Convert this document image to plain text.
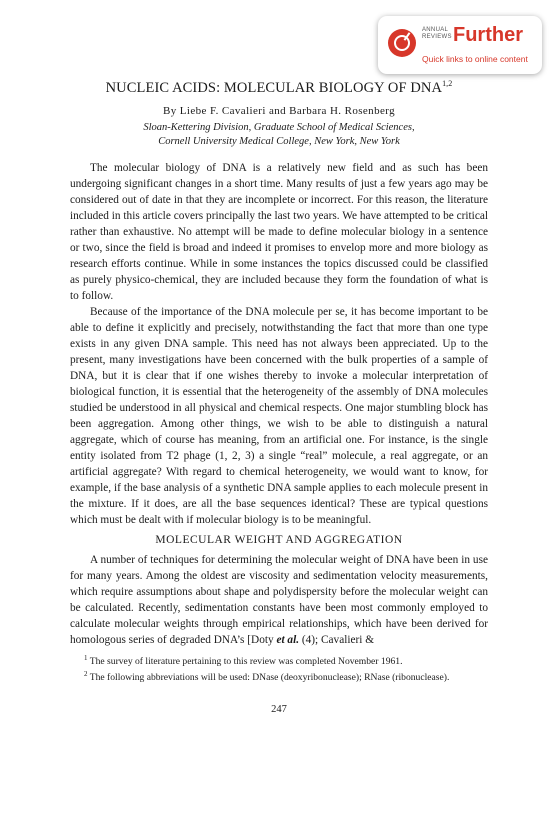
ANNUAL
REVIEWS Further
Quick links to online content
NUCLEIC ACIDS: MOLECULAR BIOLOGY OF DNA$^{1,2}$
By Liebe F. Cavalieri and Barbara H. Rosenberg
Sloan-Kettering Division, Graduate School of Medical Sciences,
Cornell University Medical College, New York, New York

The molecular biology of DNA is a relatively new field and as such has been undergoing significant changes in a short time. Many results of just a few years ago may be considered out of date in that they are incomplete or incorrect. For this reason, the literature included in this article covers principally the last two years. We have attempted to be critical rather than exhaustive. No attempt will be made to define molecular biology in a sentence or two, since the field is broad and indeed it promises to envelop more and more biology as research efforts continue. While in some instances the topics discussed could be classified as purely physico-chemical, they are included because they form the foundation of what is to follow.

Because of the importance of the DNA molecule per se, it has become important to be able to define it explicitly and precisely, notwithstanding the fact that more than one type exists in any given DNA sample. This need has not always been appreciated. Up to the present, many investigations have been concerned with the bulk properties of a sample of DNA, but it is clear that if one wishes thereby to invoke a molecular interpretation of biological function, it is essential that the heterogeneity of the assembly of DNA molecules studied be understood in all physical and chemical respects. One major stumbling block has been aggregation. Among other things, we wish to be able to distinguish a natural aggregate, which of course has meaning, from an artificial one. For instance, is the single entity isolated from T2 phage (1, 2, 3) a single “real” molecule, a real aggregate, or an artificial aggregate? With regard to chemical heterogeneity, we would want to know, for example, if the base analysis of a synthetic DNA sample applies to each molecule present in the mixture. If it does, are all the base sequences identical? These are typical questions which must be dealt with if molecular biology is to be meaningful.

MOLECULAR WEIGHT AND AGGREGATION

A number of techniques for determining the molecular weight of DNA have been in use for many years. Among the oldest are viscosity and sedimentation velocity measurements, which require assumptions about shape and polydispersity before the molecular weight can be calculated. Recently, sedimentation constants have been most commonly employed to calculate molecular weights through empirical relationships, which have been derived for homologous series of degraded DNA’s [Doty et al. (4); Cavalieri &

$^1$ The survey of literature pertaining to this review was completed November 1961.

$^2$ The following abbreviations will be used: DNase (deoxyribonuclease); RNase (ribonuclease).

247
